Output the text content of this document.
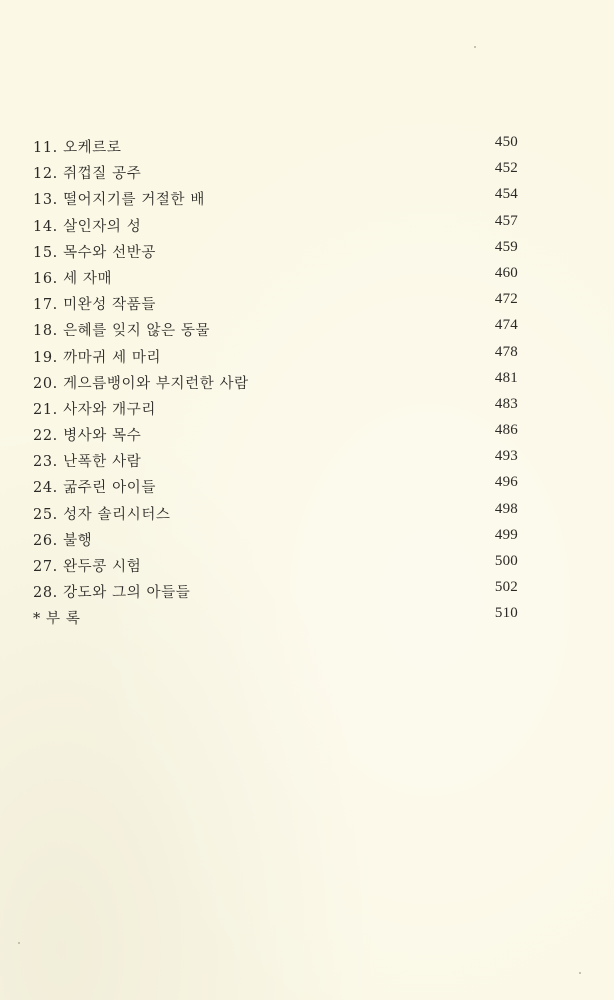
11. 오케르로	450
12. 쥐껍질 공주	452
13. 떨어지기를 거절한 배	454
14. 살인자의 성	457
15. 목수와 선반공	459
16. 세 자매	460
17. 미완성 작품들	472
18. 은혜를 잊지 않은 동물	474
19. 까마귀 세 마리	478
20. 게으름뱅이와 부지런한 사람	481
21. 사자와 개구리	483
22. 병사와 목수	486
23. 난폭한 사람	493
24. 굶주린 아이들	496
25. 성자 솔리시터스	498
26. 불행	499
27. 완두콩 시험	500
28. 강도와 그의 아들들	502
* 부 록	510
